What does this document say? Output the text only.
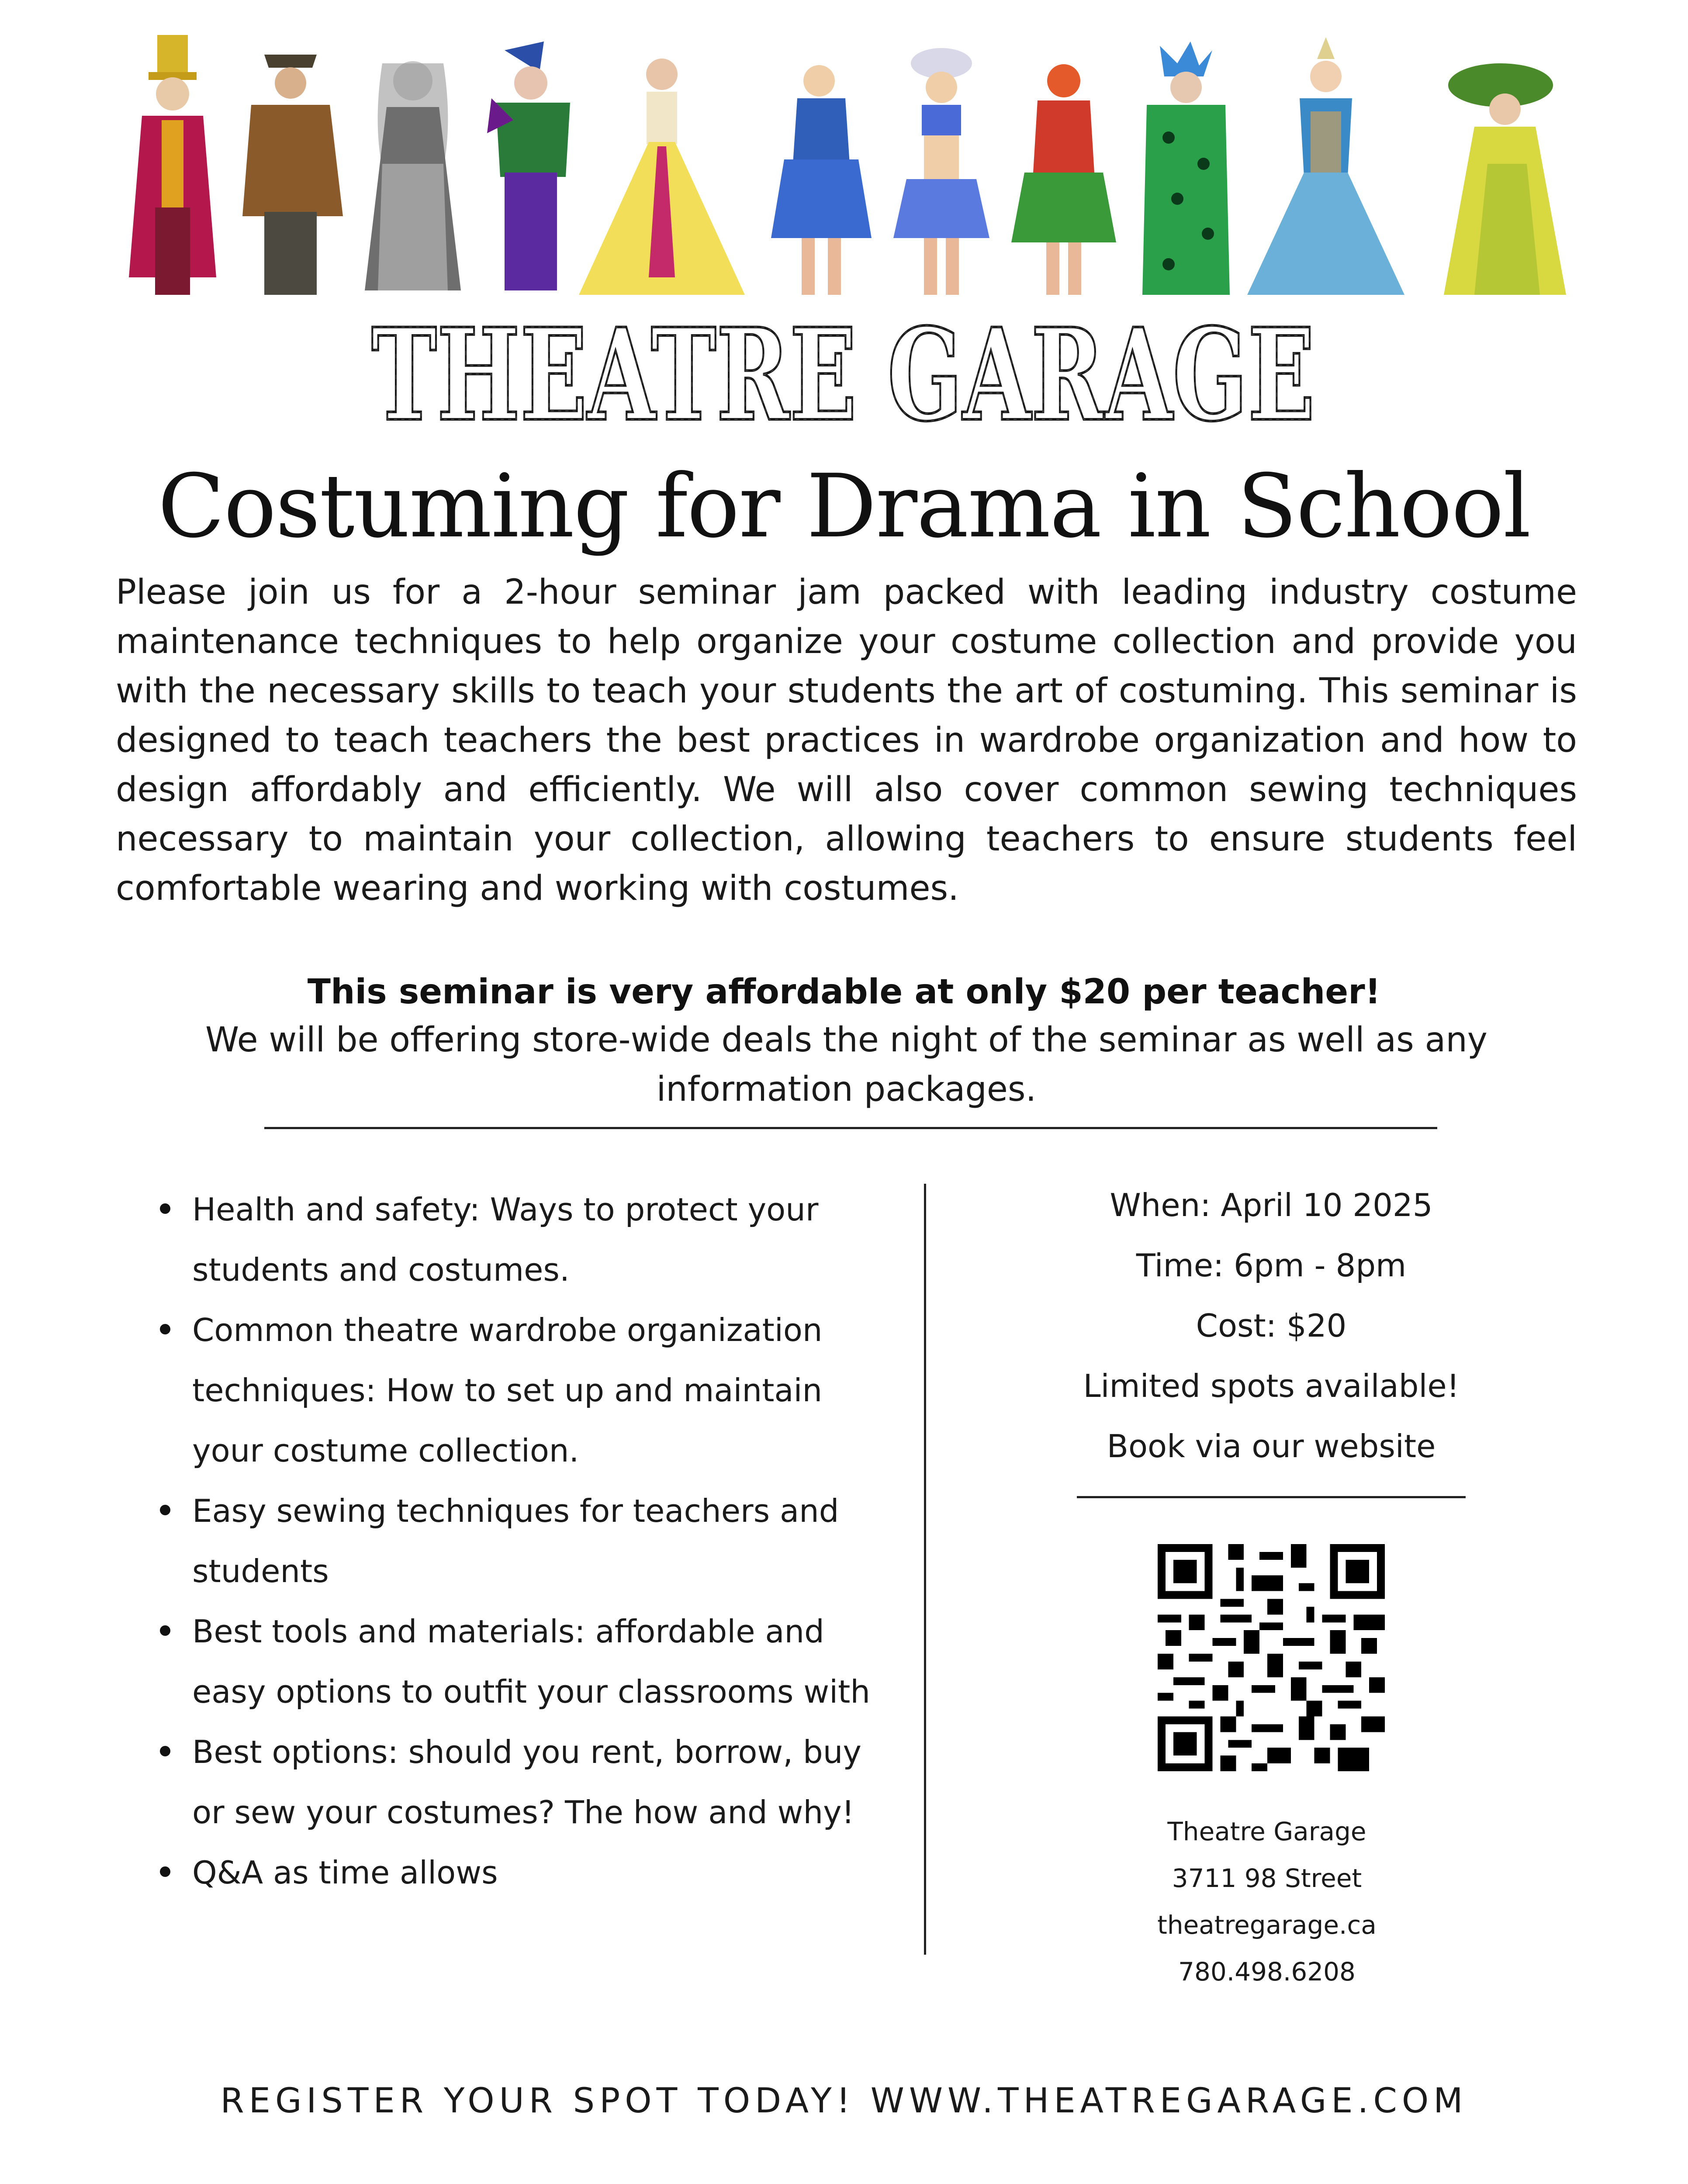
THEATRE GARAGE
THEATRE GARAGE
Costuming for Drama in School
Please join us for a 2-hour seminar jam packed with leading industry costume maintenance techniques to help organize your costume collection and provide you with the necessary skills to teach your students the art of costuming. This seminar is designed to teach teachers the best practices in wardrobe organization and how to design affordably and efficiently. We will also cover common sewing techniques necessary to maintain your collection, allowing teachers to ensure students feel comfortable wearing and working with costumes.
This seminar is very affordable at only $20 per teacher!
We will be offering store-wide deals the night of the seminar as well as any information packages.
Health and safety: Ways to protect your students and costumes.
Common theatre wardrobe organization techniques: How to set up and maintain your costume collection.
Easy sewing techniques for teachers and students
Best tools and materials: affordable and easy options to outfit your classrooms with
Best options: should you rent, borrow, buy or sew your costumes? The how and why!
Q&A as time allows
When: April 10 2025
Time: 6pm - 8pm
Cost: $20
Limited spots available!
Book via our website
Theatre Garage
3711 98 Street
theatregarage.ca
780.498.6208
REGISTER YOUR SPOT TODAY! WWW.THEATREGARAGE.COM
